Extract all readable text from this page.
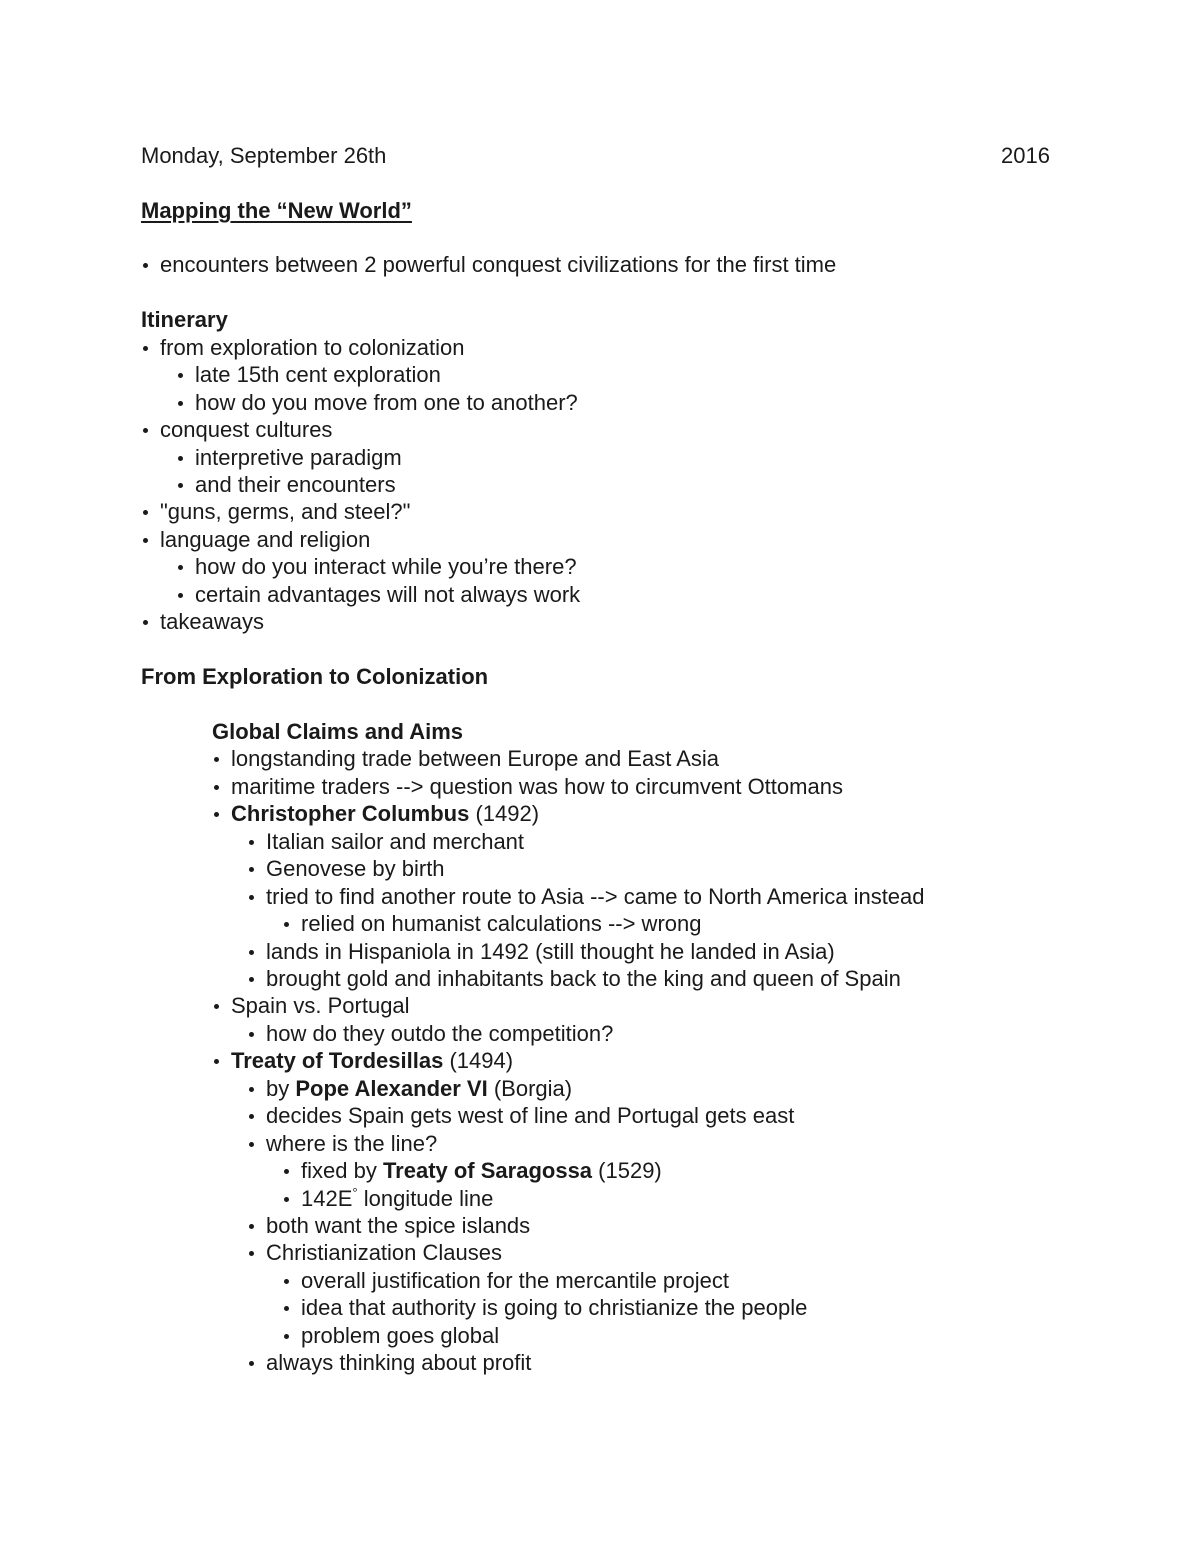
Monday, September 26th	2016
Mapping the “New World”
encounters between 2 powerful conquest civilizations for the first time
Itinerary
from exploration to colonization
late 15th cent exploration
how do you move from one to another?
conquest cultures
interpretive paradigm
and their encounters
"guns, germs, and steel?"
language and religion
how do you interact while you’re there?
certain advantages will not always work
takeaways
From Exploration to Colonization
Global Claims and Aims
longstanding trade between Europe and East Asia
maritime traders --> question was how to circumvent Ottomans
Christopher Columbus (1492)
Italian sailor and merchant
Genovese by birth
tried to find another route to Asia --> came to North America instead
relied on humanist calculations --> wrong
lands in Hispaniola in 1492 (still thought he landed in Asia)
brought gold and inhabitants back to the king and queen of Spain
Spain vs. Portugal
how do they outdo the competition?
Treaty of Tordesillas (1494)
by Pope Alexander VI (Borgia)
decides Spain gets west of line and Portugal gets east
where is the line?
fixed by Treaty of Saragossa (1529)
142E° longitude line
both want the spice islands
Christianization Clauses
overall justification for the mercantile project
idea that authority is going to christianize the people
problem goes global
always thinking about profit
